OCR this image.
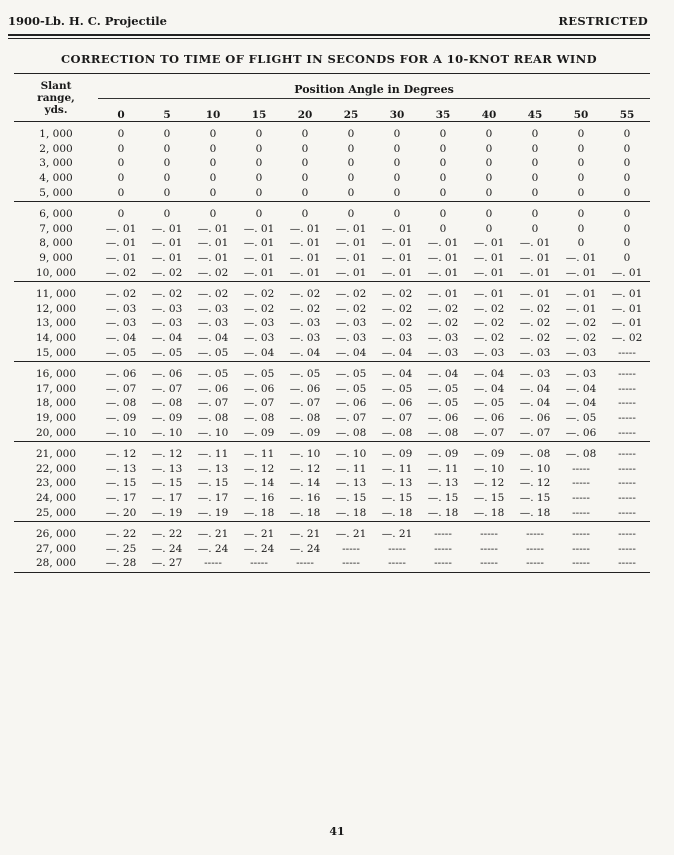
1900-Lb. H. C. Projectile	RESTRICTED
CORRECTION TO TIME OF FLIGHT IN SECONDS FOR A 10-KNOT REAR WIND
Slant
range,
yds.	Position Angle in Degrees											
	0	5	10	15	20	25	30	35	40	45	50	55

1, 000	0	0	0	0	0	0	0	0	0	0	0	0
2, 000	0	0	0	0	0	0	0	0	0	0	0	0
3, 000	0	0	0	0	0	0	0	0	0	0	0	0
4, 000	0	0	0	0	0	0	0	0	0	0	0	0
5, 000	0	0	0	0	0	0	0	0	0	0	0	0
6, 000	0	0	0	0	0	0	0	0	0	0	0	0
7, 000	—. 01	—. 01	—. 01	—. 01	—. 01	—. 01	—. 01	0	0	0	0	0
8, 000	—. 01	—. 01	—. 01	—. 01	—. 01	—. 01	—. 01	—. 01	—. 01	—. 01	0	0
9, 000	—. 01	—. 01	—. 01	—. 01	—. 01	—. 01	—. 01	—. 01	—. 01	—. 01	—. 01	0
10, 000	—. 02	—. 02	—. 02	—. 01	—. 01	—. 01	—. 01	—. 01	—. 01	—. 01	—. 01	—. 01
11, 000	—. 02	—. 02	—. 02	—. 02	—. 02	—. 02	—. 02	—. 01	—. 01	—. 01	—. 01	—. 01
12, 000	—. 03	—. 03	—. 03	—. 02	—. 02	—. 02	—. 02	—. 02	—. 02	—. 02	—. 01	—. 01
13, 000	—. 03	—. 03	—. 03	—. 03	—. 03	—. 03	—. 02	—. 02	—. 02	—. 02	—. 02	—. 01
14, 000	—. 04	—. 04	—. 04	—. 03	—. 03	—. 03	—. 03	—. 03	—. 02	—. 02	—. 02	—. 02
15, 000	—. 05	—. 05	—. 05	—. 04	—. 04	—. 04	—. 04	—. 03	—. 03	—. 03	—. 03	-----
16, 000	—. 06	—. 06	—. 05	—. 05	—. 05	—. 05	—. 04	—. 04	—. 04	—. 03	—. 03	-----
17, 000	—. 07	—. 07	—. 06	—. 06	—. 06	—. 05	—. 05	—. 05	—. 04	—. 04	—. 04	-----
18, 000	—. 08	—. 08	—. 07	—. 07	—. 07	—. 06	—. 06	—. 05	—. 05	—. 04	—. 04	-----
19, 000	—. 09	—. 09	—. 08	—. 08	—. 08	—. 07	—. 07	—. 06	—. 06	—. 06	—. 05	-----
20, 000	—. 10	—. 10	—. 10	—. 09	—. 09	—. 08	—. 08	—. 08	—. 07	—. 07	—. 06	-----
21, 000	—. 12	—. 12	—. 11	—. 11	—. 10	—. 10	—. 09	—. 09	—. 09	—. 08	—. 08	-----
22, 000	—. 13	—. 13	—. 13	—. 12	—. 12	—. 11	—. 11	—. 11	—. 10	—. 10	-----	-----
23, 000	—. 15	—. 15	—. 15	—. 14	—. 14	—. 13	—. 13	—. 13	—. 12	—. 12	-----	-----
24, 000	—. 17	—. 17	—. 17	—. 16	—. 16	—. 15	—. 15	—. 15	—. 15	—. 15	-----	-----
25, 000	—. 20	—. 19	—. 19	—. 18	—. 18	—. 18	—. 18	—. 18	—. 18	—. 18	-----	-----
26, 000	—. 22	—. 22	—. 21	—. 21	—. 21	—. 21	—. 21	-----	-----	-----	-----	-----
27, 000	—. 25	—. 24	—. 24	—. 24	—. 24	-----	-----	-----	-----	-----	-----	-----
28, 000	—. 28	—. 27	-----	-----	-----	-----	-----	-----	-----	-----	-----	-----
41
